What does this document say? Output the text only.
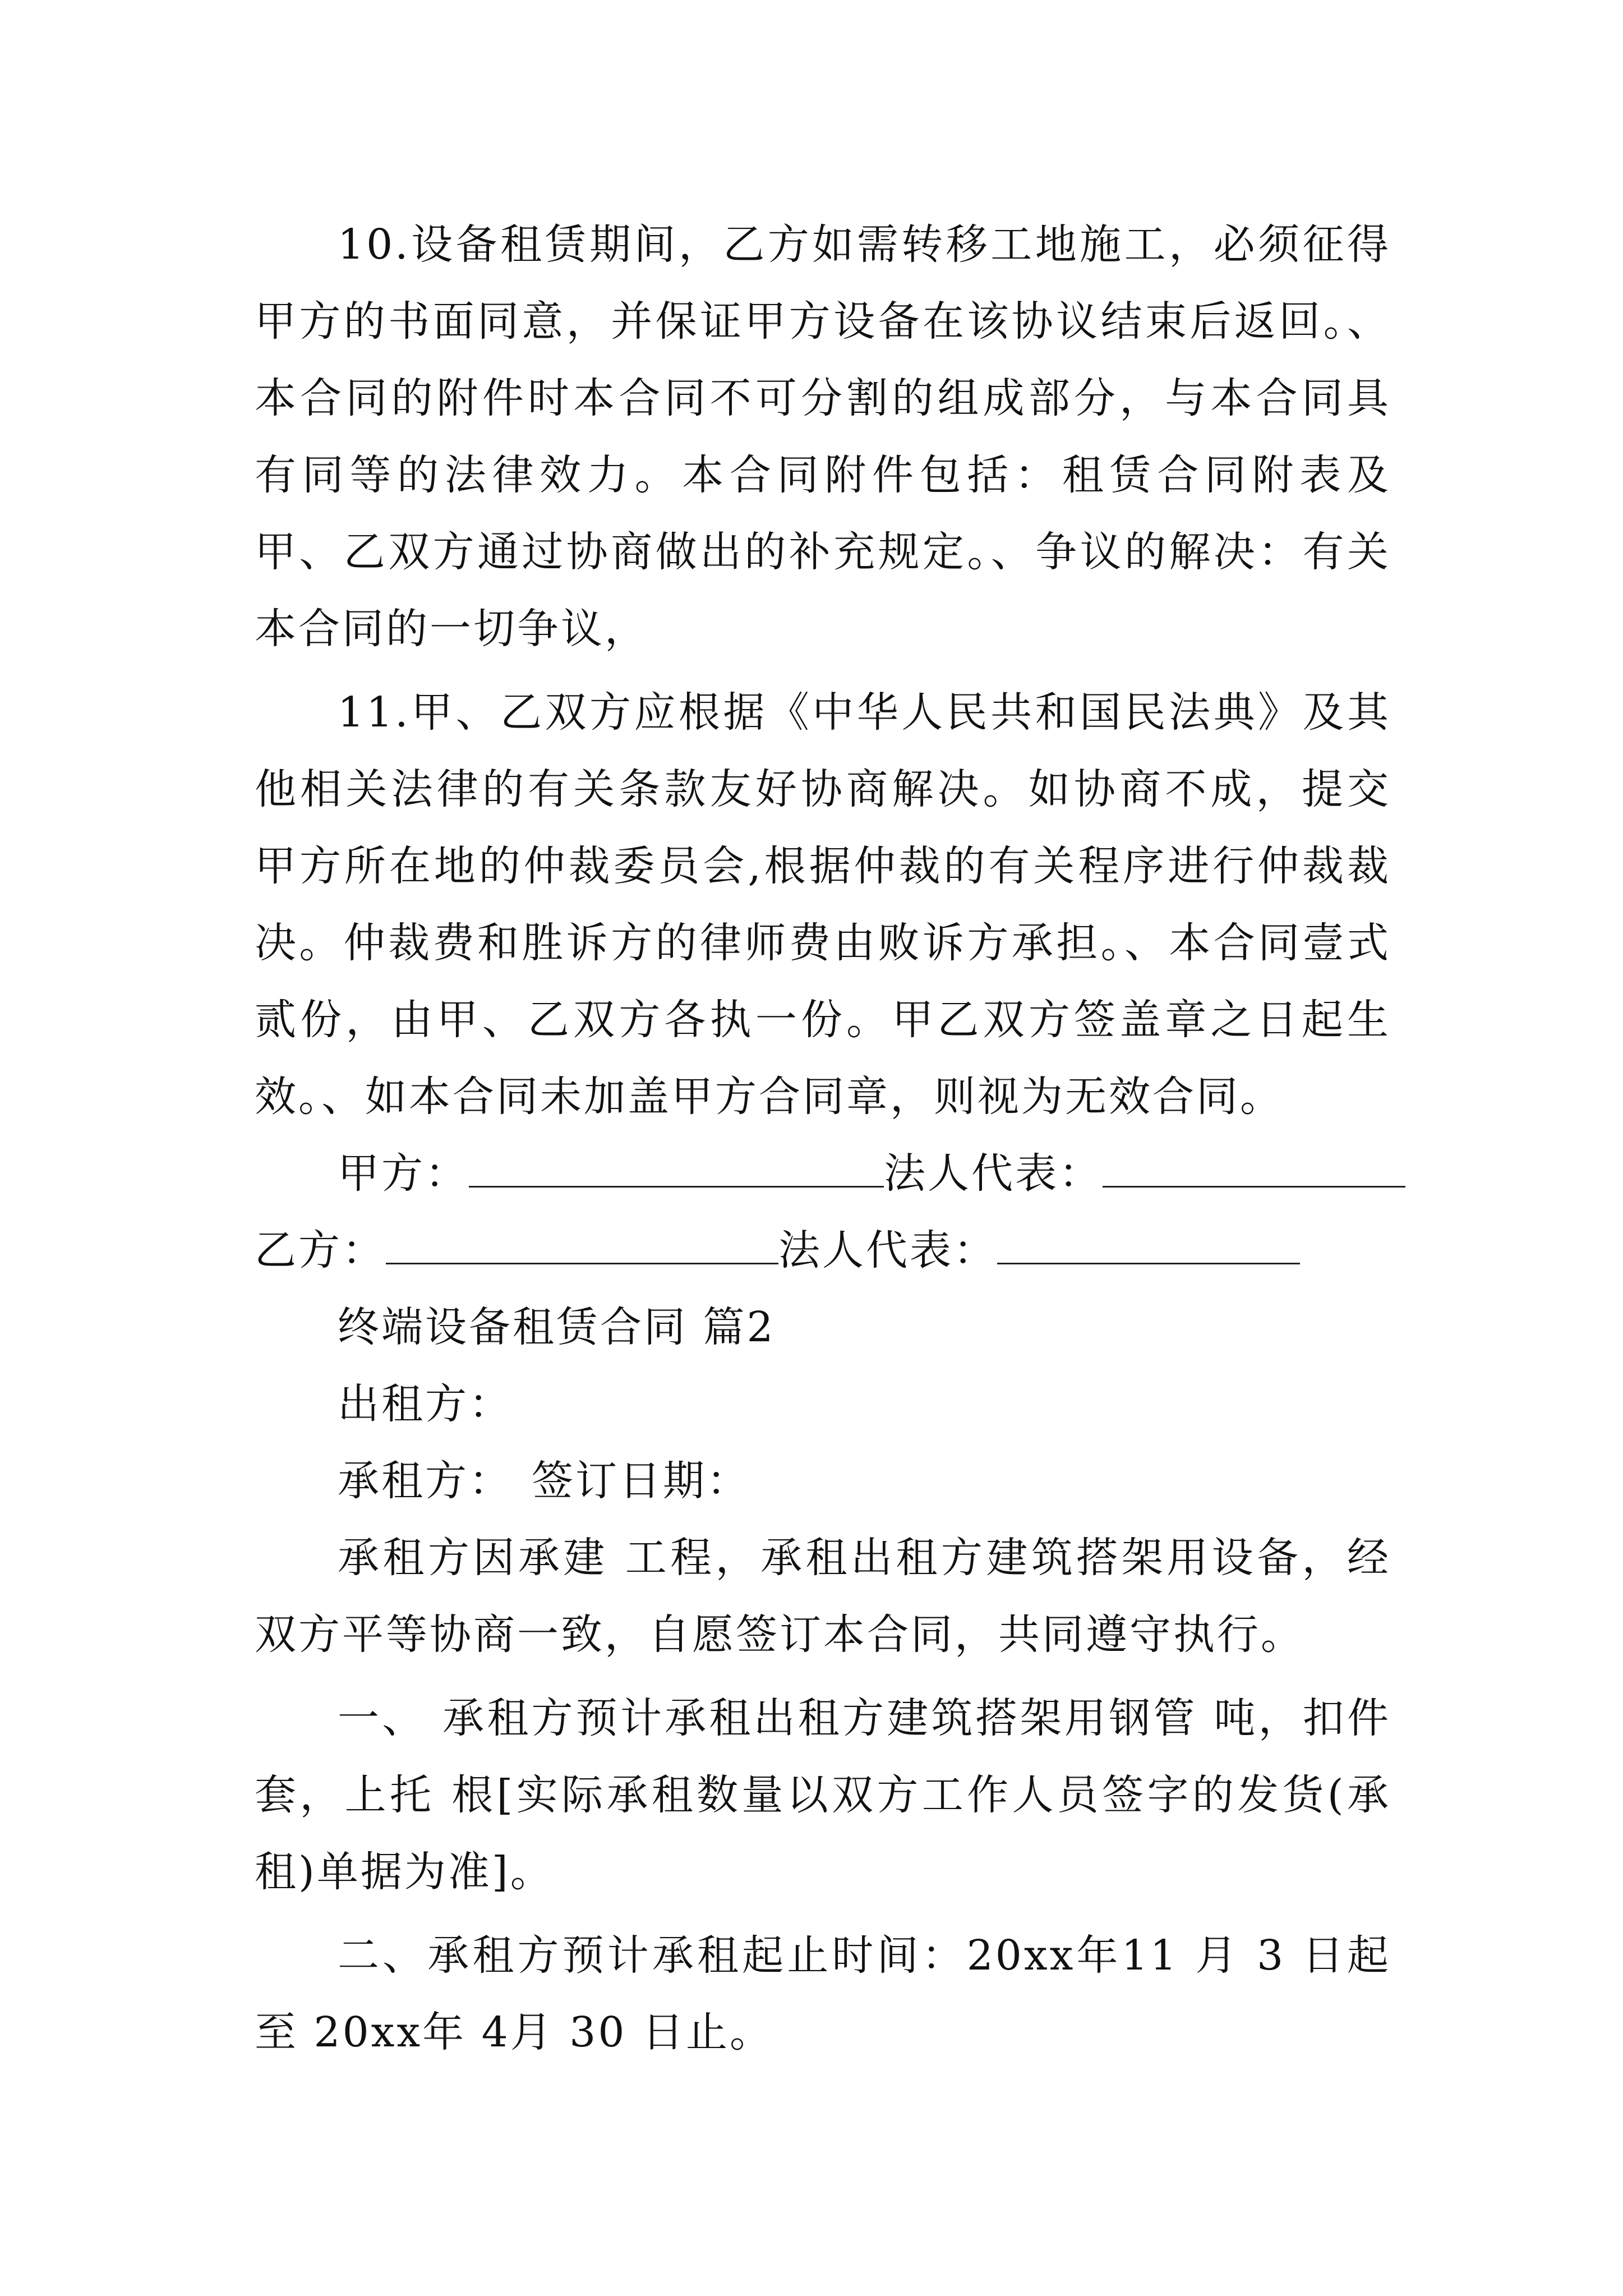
10.设备租赁期间，乙方如需转移工地施工，必须征得甲方的书面同意，并保证甲方设备在该协议结束后返回。、本合同的附件时本合同不可分割的组成部分，与本合同具有同等的法律效力。本合同附件包括：租赁合同附表及甲、乙双方通过协商做出的补充规定。、争议的解决：有关本合同的一切争议，

11.甲、乙双方应根据《中华人民共和国民法典》及其他相关法律的有关条款友好协商解决。如协商不成，提交甲方所在地的仲裁委员会,根据仲裁的有关程序进行仲裁裁决。仲裁费和胜诉方的律师费由败诉方承担。、本合同壹式贰份，由甲、乙双方各执一份。甲乙双方签盖章之日起生效。、如本合同未加盖甲方合同章，则视为无效合同。

甲方：	法人代表：
乙方：	法人代表：
终端设备租赁合同 篇2
出租方：
承租方： 签订日期：

承租方因承建 工程，承租出租方建筑搭架用设备，经双方平等协商一致，自愿签订本合同，共同遵守执行。

一、 承租方预计承租出租方建筑搭架用钢管 吨，扣件 套，上托 根[实际承租数量以双方工作人员签字的发货(承租)单据为准]。

二、承租方预计承租起止时间：20xx年11 月 3 日起至 20xx年 4月 30 日止。
